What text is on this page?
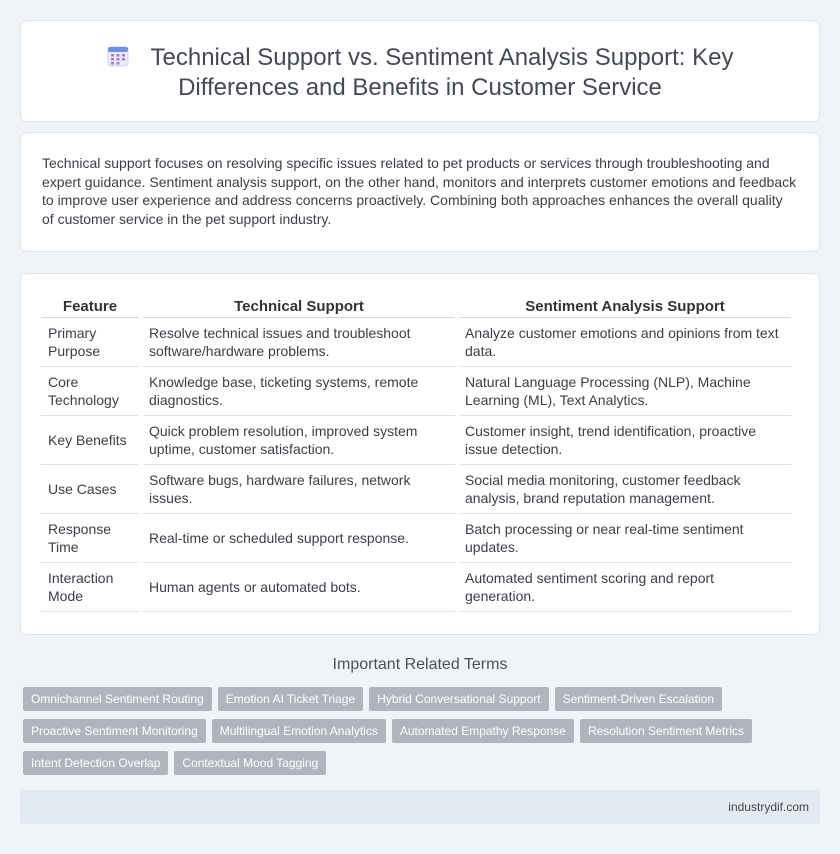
Technical Support vs. Sentiment Analysis Support: Key
Differences and Benefits in Customer Service

Technical support focuses on resolving specific issues related to pet products or services through troubleshooting and expert guidance. Sentiment analysis support, on the other hand, monitors and interprets customer emotions and feedback to improve user experience and address concerns proactively. Combining both approaches enhances the overall quality of customer service in the pet support industry.

Feature	Technical Support	Sentiment Analysis Support
Primary Purpose	Resolve technical issues and troubleshoot software/hardware problems.	Analyze customer emotions and opinions from text data.
Core Technology	Knowledge base, ticketing systems, remote diagnostics.	Natural Language Processing (NLP), Machine Learning (ML), Text Analytics.
Key Benefits	Quick problem resolution, improved system uptime, customer satisfaction.	Customer insight, trend identification, proactive issue detection.
Use Cases	Software bugs, hardware failures, network issues.	Social media monitoring, customer feedback analysis, brand reputation management.
Response Time	Real-time or scheduled support response.	Batch processing or near real-time sentiment updates.
Interaction Mode	Human agents or automated bots.	Automated sentiment scoring and report generation.
Important Related Terms
Omnichannel Sentiment Routing	Emotion AI Ticket Triage	Hybrid Conversational Support	Sentiment-Driven Escalation
Proactive Sentiment Monitoring	Multilingual Emotion Analytics	Automated Empathy Response	Resolution Sentiment Metrics
Intent Detection Overlap	Contextual Mood Tagging
industrydif.com
